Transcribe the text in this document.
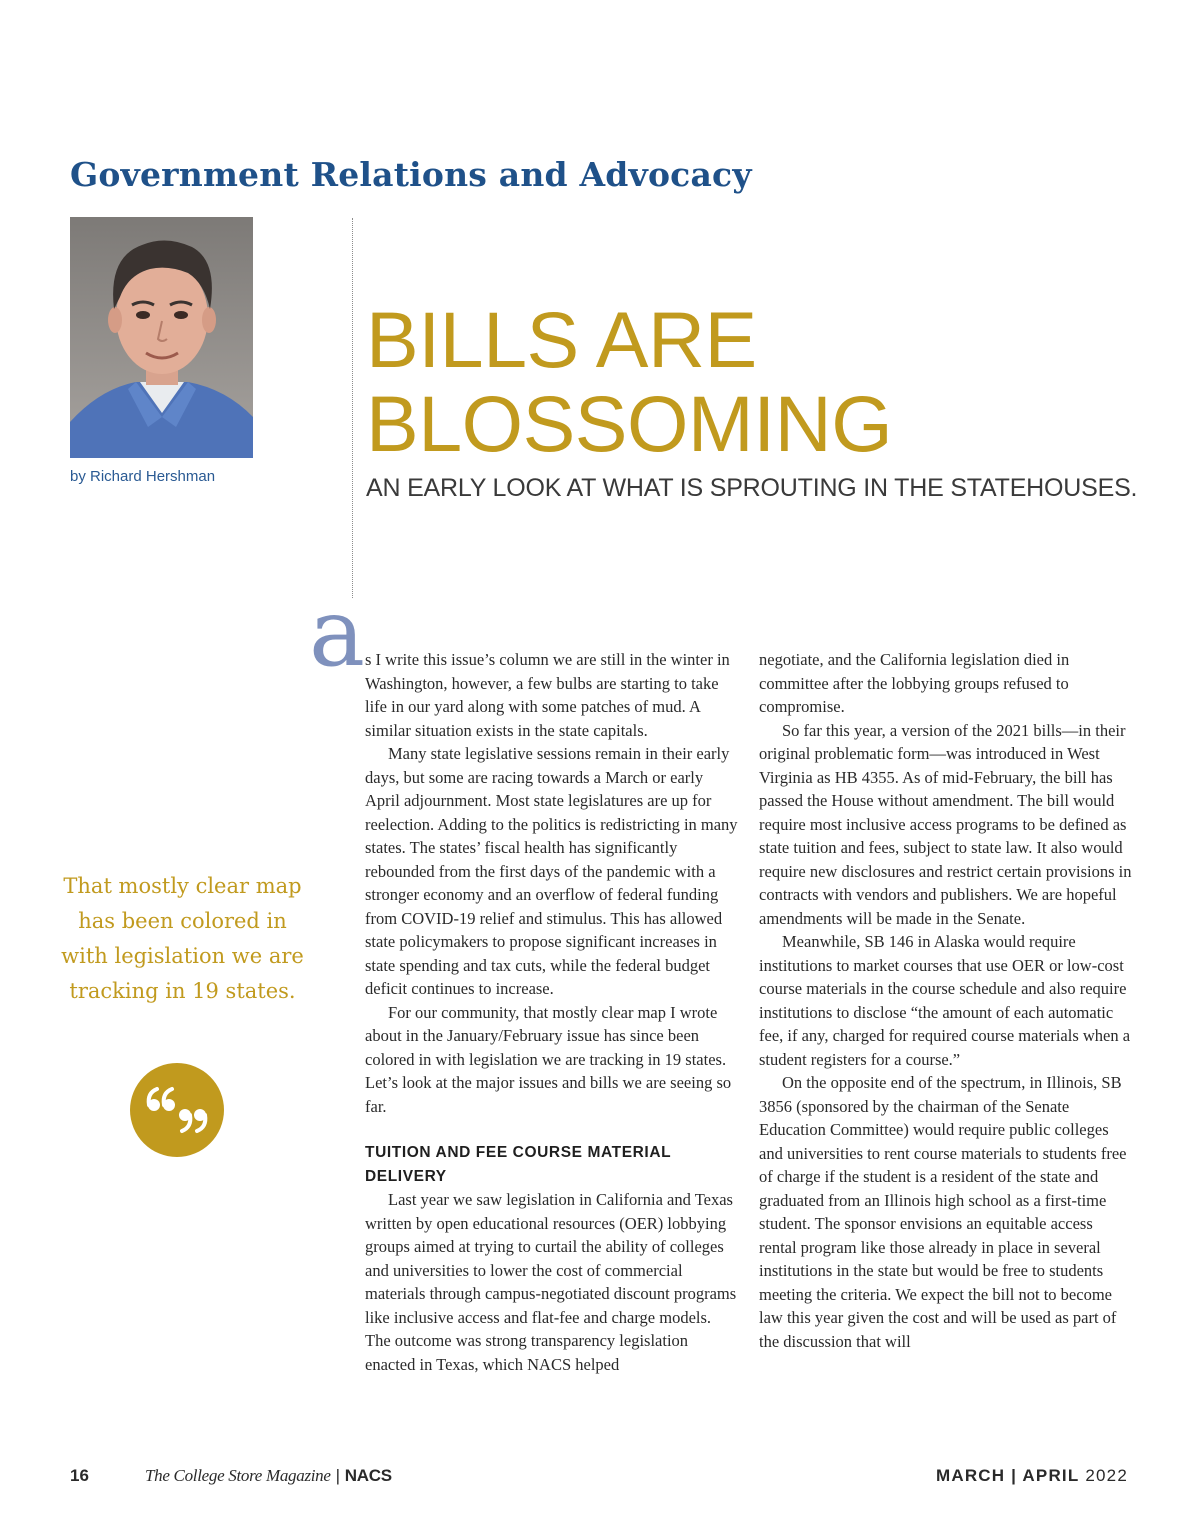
Government Relations and Advocacy
by Richard Hershman
BILLS ARE BLOSSOMING
AN EARLY LOOK AT WHAT IS SPROUTING IN THE STATEHOUSES.
That mostly clear map has been colored in with legislation we are tracking in 19 states.
a s I write this issue’s column we are still in the winter in Washington, however, a few bulbs are starting to take life in our yard along with some patches of mud. A similar situation exists in the state capitals.

Many state legislative sessions remain in their early days, but some are racing towards a March or early April adjournment. Most state legislatures are up for reelection. Adding to the politics is redistricting in many states. The states’ fiscal health has significantly rebounded from the first days of the pandemic with a stronger economy and an overflow of federal funding from COVID-19 relief and stimulus. This has allowed state policymakers to propose significant increases in state spending and tax cuts, while the federal budget deficit continues to increase.

For our community, that mostly clear map I wrote about in the January/February issue has since been colored in with legislation we are tracking in 19 states. Let’s look at the major issues and bills we are seeing so far.

TUITION AND FEE COURSE MATERIAL DELIVERY

Last year we saw legislation in California and Texas written by open educational resources (OER) lobbying groups aimed at trying to curtail the ability of colleges and universities to lower the cost of commercial materials through campus-negotiated discount programs like inclusive access and flat-fee and charge models. The outcome was strong transparency legislation enacted in Texas, which NACS helped

negotiate, and the California legislation died in committee after the lobbying groups refused to compromise.

So far this year, a version of the 2021 bills—in their original problematic form—was introduced in West Virginia as HB 4355. As of mid-February, the bill has passed the House without amendment. The bill would require most inclusive access programs to be defined as state tuition and fees, subject to state law. It also would require new disclosures and restrict certain provisions in contracts with vendors and publishers. We are hopeful amendments will be made in the Senate.

Meanwhile, SB 146 in Alaska would require institutions to market courses that use OER or low-cost course materials in the course schedule and also require institutions to disclose “the amount of each automatic fee, if any, charged for required course materials when a student registers for a course.”

On the opposite end of the spectrum, in Illinois, SB 3856 (sponsored by the chairman of the Senate Education Committee) would require public colleges and universities to rent course materials to students free of charge if the student is a resident of the state and graduated from an Illinois high school as a first-time student. The sponsor envisions an equitable access rental program like those already in place in several institutions in the state but would be free to students meeting the criteria. We expect the bill not to become law this year given the cost and will be used as part of the discussion that will

16	The College Store Magazine | NACS	MARCH | APRIL 2022
